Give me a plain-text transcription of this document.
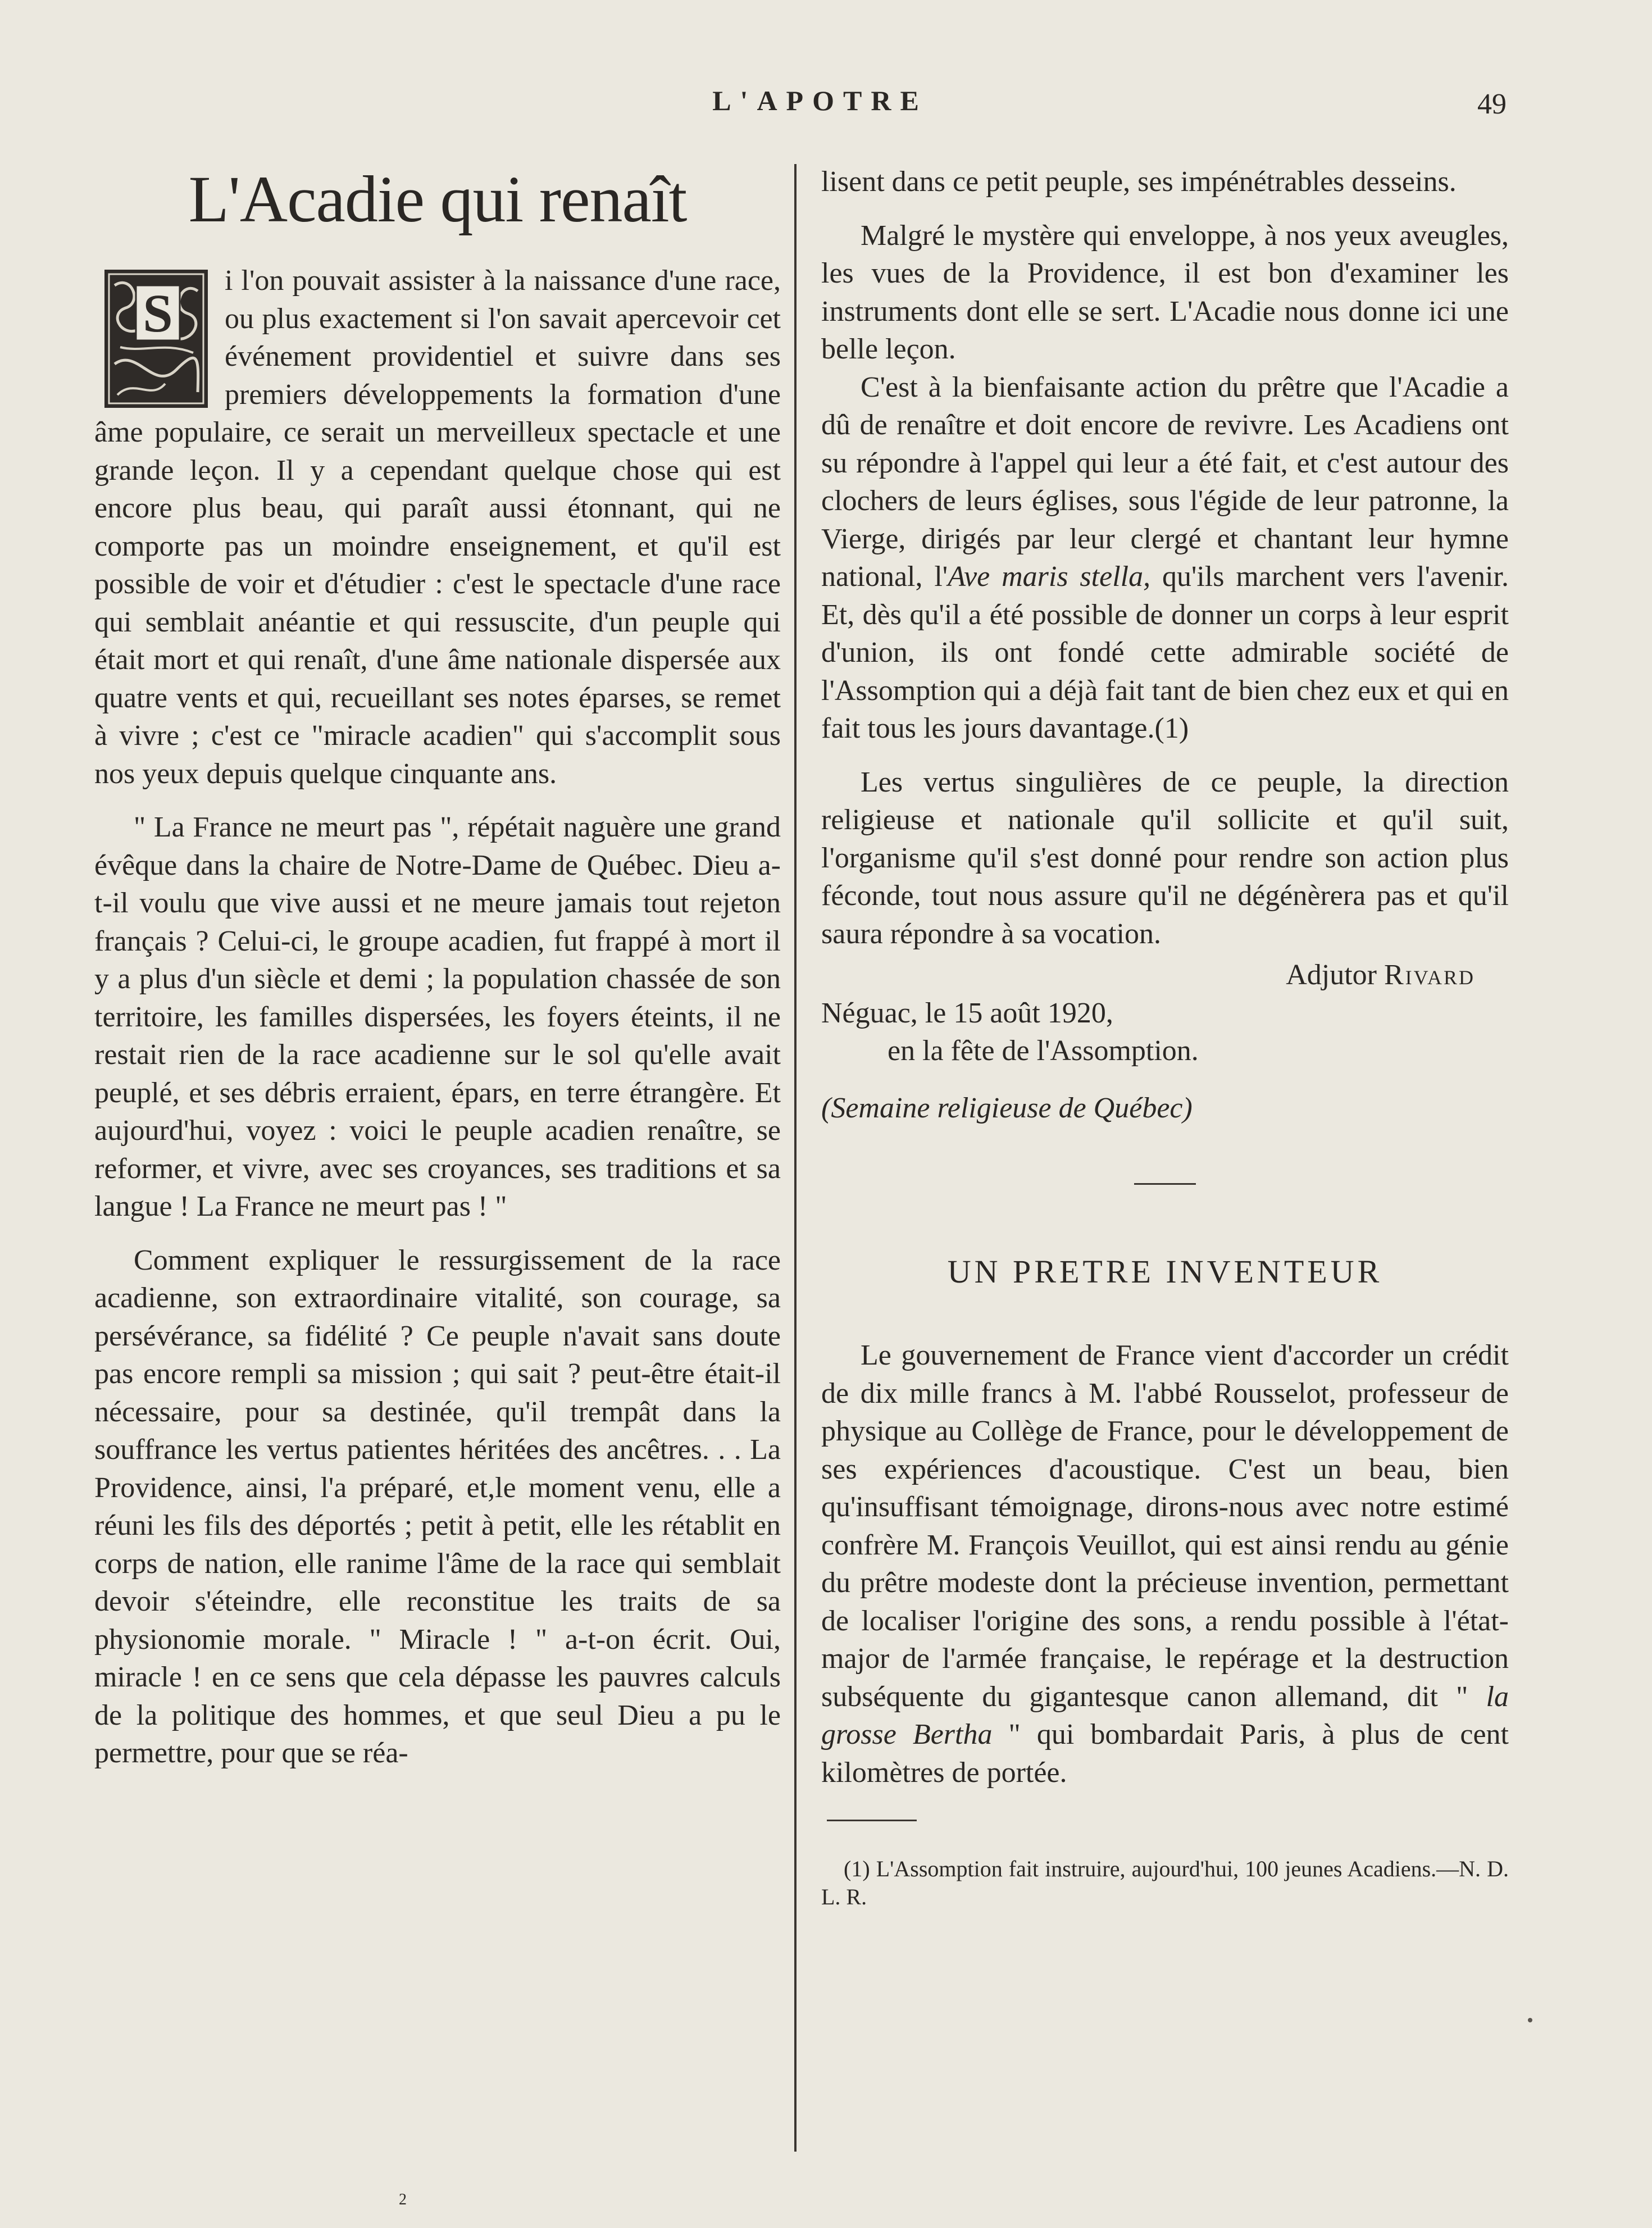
L'APOTRE	49
L'Acadie qui renaît

S
i l'on pouvait assister à la naissance d'une race, ou plus exactement si l'on savait apercevoir cet événement providentiel et suivre dans ses premiers développements la formation d'une âme populaire, ce serait un merveilleux spectacle et une grande leçon. Il y a cependant quelque chose qui est encore plus beau, qui paraît aussi étonnant, qui ne comporte pas un moindre enseignement, et qu'il est possible de voir et d'étudier : c'est le spectacle d'une race qui semblait anéantie et qui ressuscite, d'un peuple qui était mort et qui renaît, d'une âme nationale dispersée aux quatre vents et qui, recueillant ses notes éparses, se remet à vivre ; c'est ce "miracle acadien" qui s'accomplit sous nos yeux depuis quelque cinquante ans.

" La France ne meurt pas ", répétait naguère une grand évêque dans la chaire de Notre-Dame de Québec. Dieu a-t-il voulu que vive aussi et ne meure jamais tout rejeton français ? Celui-ci, le groupe acadien, fut frappé à mort il y a plus d'un siècle et demi ; la population chassée de son territoire, les familles dispersées, les foyers éteints, il ne restait rien de la race acadienne sur le sol qu'elle avait peuplé, et ses débris erraient, épars, en terre étrangère. Et aujourd'hui, voyez : voici le peuple acadien renaître, se reformer, et vivre, avec ses croyances, ses traditions et sa langue ! La France ne meurt pas ! "

Comment expliquer le ressurgissement de la race acadienne, son extraordinaire vitalité, son courage, sa persévérance, sa fidélité ? Ce peuple n'avait sans doute pas encore rempli sa mission ; qui sait ? peut-être était-il nécessaire, pour sa destinée, qu'il trempât dans la souffrance les vertus patientes héritées des ancêtres. . . La Providence, ainsi, l'a préparé, et,le moment venu, elle a réuni les fils des déportés ; petit à petit, elle les rétablit en corps de nation, elle ranime l'âme de la race qui semblait devoir s'éteindre, elle reconstitue les traits de sa physionomie morale. " Miracle ! " a-t-on écrit. Oui, miracle ! en ce sens que cela dépasse les pauvres calculs de la politique des hommes, et que seul Dieu a pu le permettre, pour que se réa-

lisent dans ce petit peuple, ses impénétrables desseins.

Malgré le mystère qui enveloppe, à nos yeux aveugles, les vues de la Providence, il est bon d'examiner les instruments dont elle se sert. L'Acadie nous donne ici une belle leçon.

C'est à la bienfaisante action du prêtre que l'Acadie a dû de renaître et doit encore de revivre. Les Acadiens ont su répondre à l'appel qui leur a été fait, et c'est autour des clochers de leurs églises, sous l'égide de leur patronne, la Vierge, dirigés par leur clergé et chantant leur hymne national, l'Ave maris stella, qu'ils marchent vers l'avenir. Et, dès qu'il a été possible de donner un corps à leur esprit d'union, ils ont fondé cette admirable société de l'Assomption qui a déjà fait tant de bien chez eux et qui en fait tous les jours davantage.(1)

Les vertus singulières de ce peuple, la direction religieuse et nationale qu'il sollicite et qu'il suit, l'organisme qu'il s'est donné pour rendre son action plus féconde, tout nous assure qu'il ne dégénèrera pas et qu'il saura répondre à sa vocation.

Adjutor Rivard
Néguac, le 15 août 1920,
en la fête de l'Assomption.

(Semaine religieuse de Québec)

UN PRETRE INVENTEUR

Le gouvernement de France vient d'accorder un crédit de dix mille francs à M. l'abbé Rousselot, professeur de physique au Collège de France, pour le développement de ses expériences d'acoustique. C'est un beau, bien qu'insuffisant témoignage, dirons-nous avec notre estimé confrère M. François Veuillot, qui est ainsi rendu au génie du prêtre modeste dont la précieuse invention, permettant de localiser l'origine des sons, a rendu possible à l'état-major de l'armée française, le repérage et la destruction subséquente du gigantesque canon allemand, dit " la grosse Bertha " qui bombardait Paris, à plus de cent kilomètres de portée.

(1) L'Assomption fait instruire, aujourd'hui, 100 jeunes Acadiens.—N. D. L. R.

2
